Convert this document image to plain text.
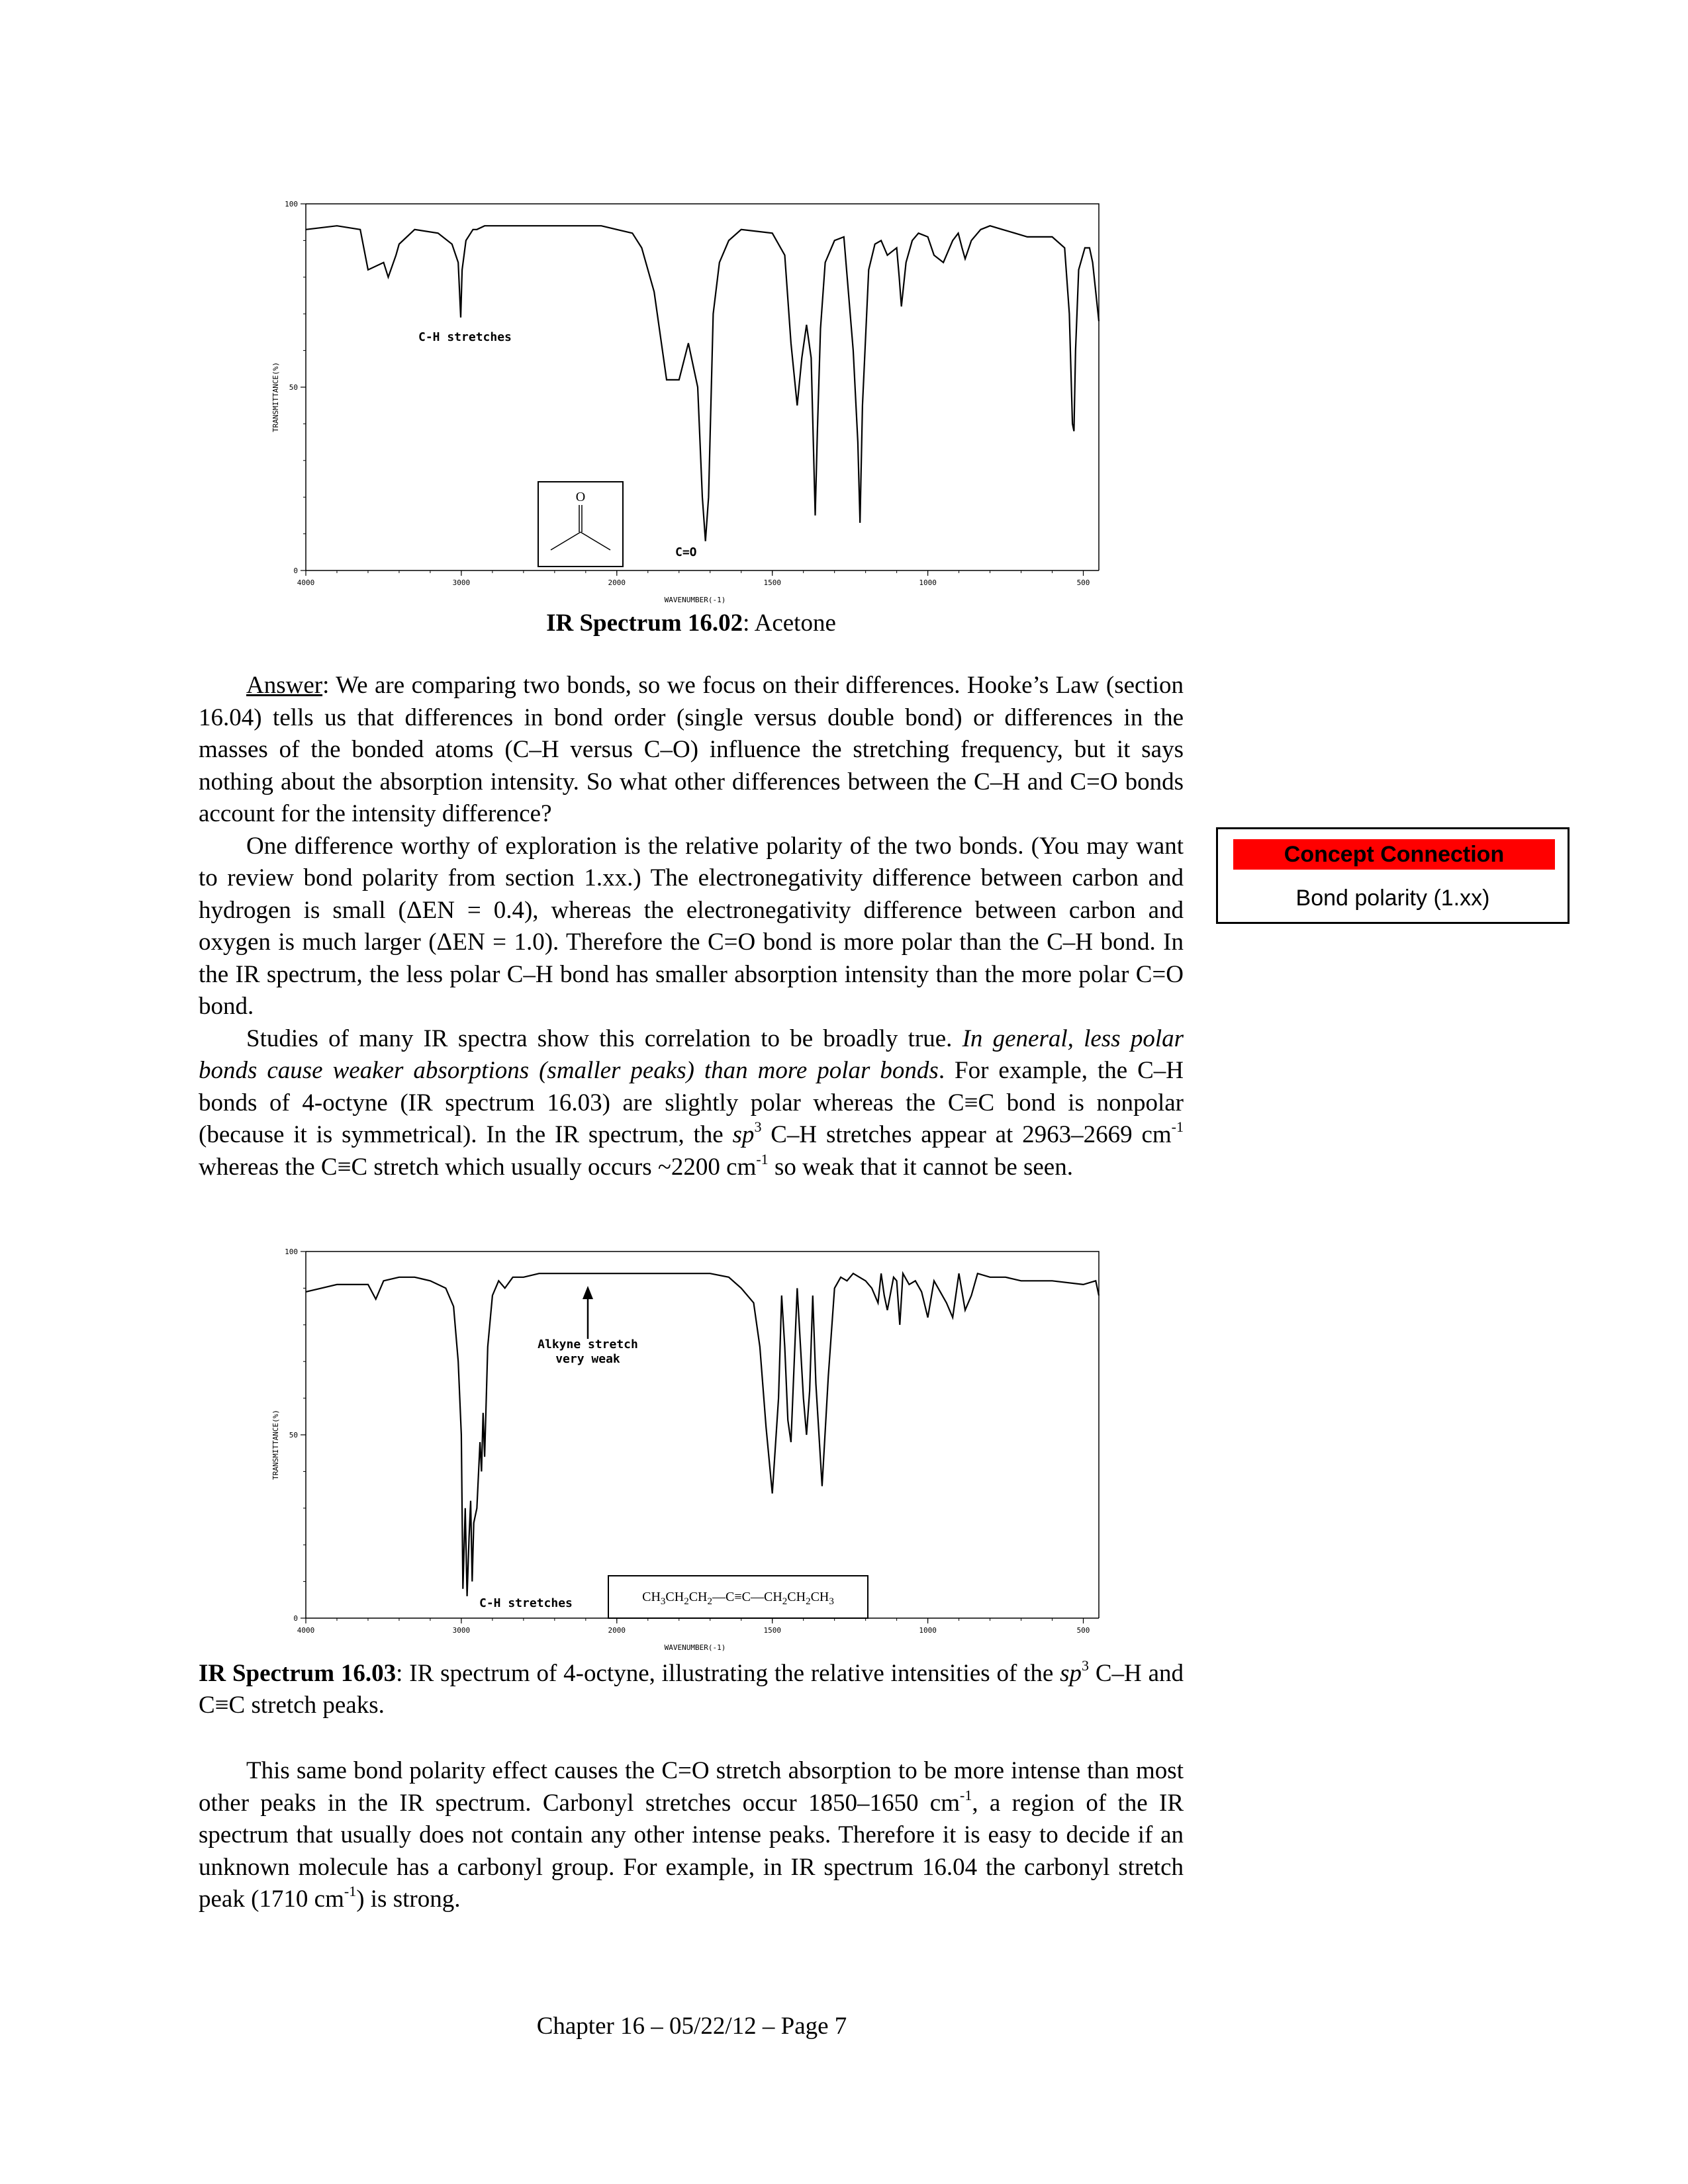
4000	3000	2000	1500	1000	500
100
50
0
TRANSMITTANCE(%)
WAVENUMBER(-1)
C-H stretches
C=O
O
IR Spectrum 16.02: Acetone

Answer: We are comparing two bonds, so we focus on their differences. Hooke’s Law (section 16.04) tells us that differences in bond order (single versus double bond) or differences in the masses of the bonded atoms (C–H versus C–O) influence the stretching frequency, but it says nothing about the absorption intensity. So what other differences between the C–H and C=O bonds account for the intensity difference?

One difference worthy of exploration is the relative polarity of the two bonds. (You may want to review bond polarity from section 1.xx.) The electronegativity difference between carbon and hydrogen is small (ΔEN = 0.4), whereas the electronegativity difference between carbon and oxygen is much larger (ΔEN = 1.0). Therefore the C=O bond is more polar than the C–H bond. In the IR spectrum, the less polar C–H bond has smaller absorption intensity than the more polar C=O bond.

Studies of many IR spectra show this correlation to be broadly true. In general, less polar bonds cause weaker absorptions (smaller peaks) than more polar bonds. For example, the C–H bonds of 4-octyne (IR spectrum 16.03) are slightly polar whereas the C≡C bond is nonpolar (because it is symmetrical). In the IR spectrum, the $sp^3$ C–H stretches appear at 2963–2669 $cm^{-1}$ whereas the C≡C stretch which usually occurs ~2200 $cm^{-1}$ so weak that it cannot be seen.

Concept Connection
Bond polarity (1.xx)
4000	3000	2000	1500	1000	500
100
50
0
TRANSMITTANCE(%)
WAVENUMBER(-1)
C-H stretches
Alkyne stretch
very weak
$CH_3CH_2CH_2—C\equiv C—CH_2CH_2CH_3$
IR Spectrum 16.03: IR spectrum of 4-octyne, illustrating the relative intensities of the $sp^3$ C–H and C≡C stretch peaks.

This same bond polarity effect causes the C=O stretch absorption to be more intense than most other peaks in the IR spectrum. Carbonyl stretches occur 1850–1650 $cm^{-1}$, a region of the IR spectrum that usually does not contain any other intense peaks. Therefore it is easy to decide if an unknown molecule has a carbonyl group. For example, in IR spectrum 16.04 the carbonyl stretch peak (1710 $cm^{-1}$) is strong.

Chapter 16 – 05/22/12 – Page 7
